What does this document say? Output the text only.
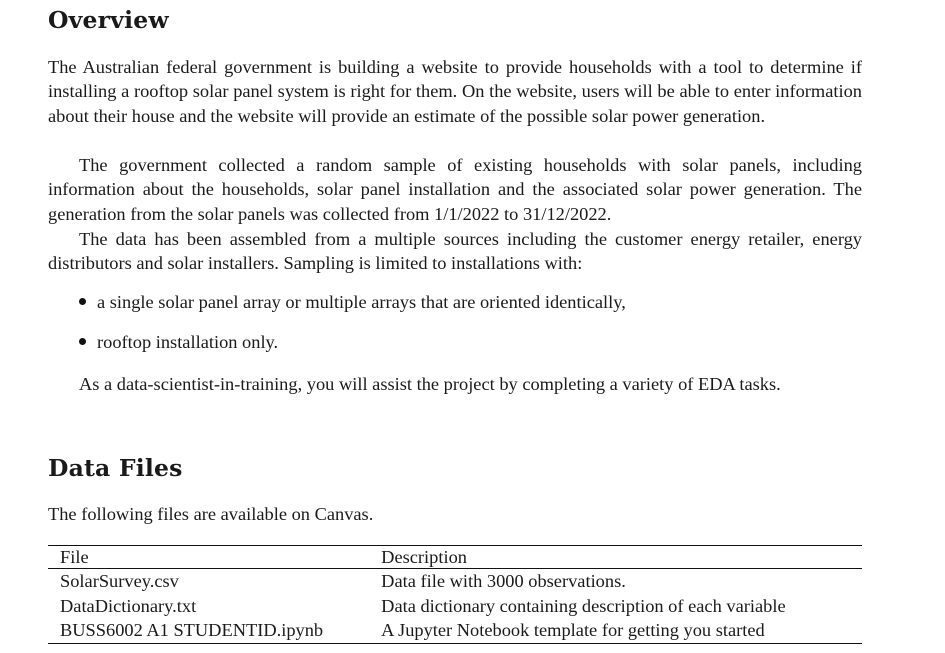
Overview

The Australian federal government is building a website to provide households with a tool to determine if installing a rooftop solar panel system is right for them. On the website, users will be able to enter information about their house and the website will provide an estimate of the possible solar power generation.

The government collected a random sample of existing households with solar panels, including information about the households, solar panel installation and the associated solar power generation. The generation from the solar panels was collected from 1/1/2022 to 31/12/2022.

The data has been assembled from a multiple sources including the customer energy retailer, energy distributors and solar installers. Sampling is limited to installations with:

a single solar panel array or multiple arrays that are oriented identically,
rooftop installation only.

As a data-scientist-in-training, you will assist the project by completing a variety of EDA tasks.

Data Files

The following files are available on Canvas.

File	Description
SolarSurvey.csv	Data file with 3000 observations.
DataDictionary.txt	Data dictionary containing description of each variable
BUSS6002 A1 STUDENTID.ipynb	A Jupyter Notebook template for getting you started
